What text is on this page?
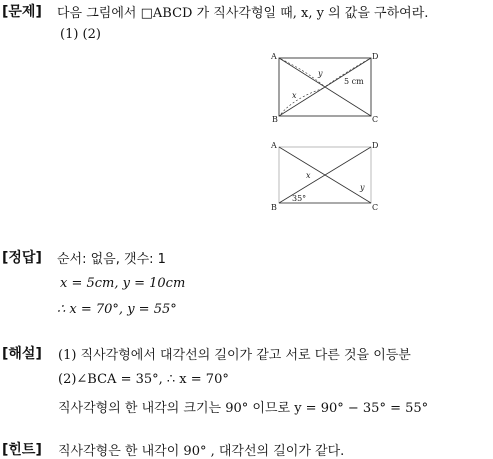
[문제] 다음 그림에서 □ABCD 가 직사각형일 때, x, y 의 값을 구하여라.
(1) (2)
A
B	C
D
y
x
5 cm
A
B	C
D
x
y
35°
[정답] 순서: 없음, 갯수: 1
x = 5cm, y = 10cm
∴ x = 70°, y = 55°
[해설] (1) 직사각형에서 대각선의 길이가 같고 서로 다른 것을 이등분
(2)∠BCA = 35°, ∴ x = 70°
직사각형의 한 내각의 크기는 90° 이므로 y = 90° − 35° = 55°
[힌트] 직사각형은 한 내각이 90° , 대각선의 길이가 같다.
